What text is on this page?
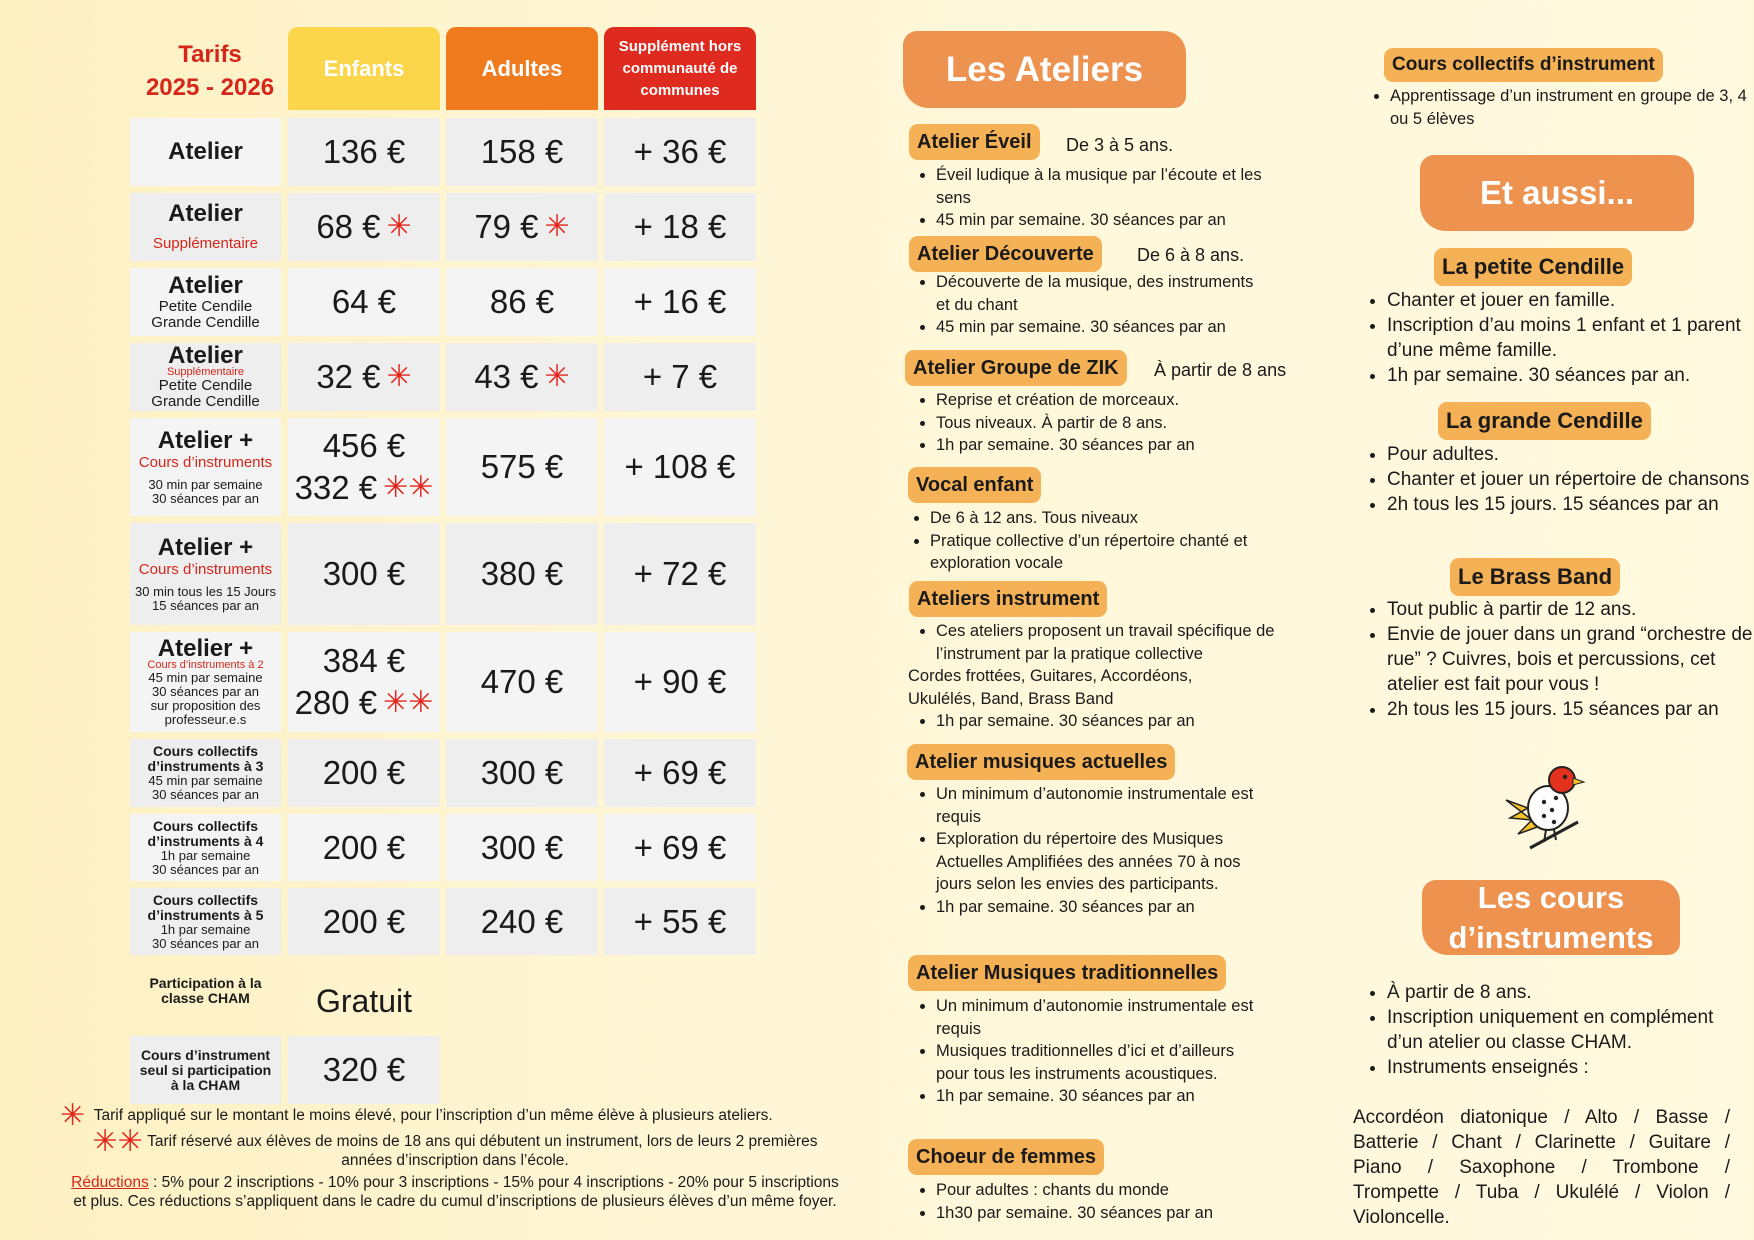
Tarifs
2025 - 2026
Enfants	Adultes
Supplément hors communauté de communes
Atelier 136 € 158 € + 36 €
Atelier
Supplémentaire 68 € ✳ 79 € ✳ + 18 €
Atelier
Petite Cendile
Grande Cendille
64 €	86 € + 16 €
Atelier
Supplémentaire
Petite Cendile
Grande Cendille
32 € ✳ 43 € ✳ + 7 €
Atelier +
Cours d’instruments
30 min par semaine
30 séances par an
456 €
332 € ✳✳
575 € + 108 €
Atelier +
Cours d’instruments
30 min tous les 15 Jours
15 séances par an
300 € 380 € + 72 €
Atelier +
Cours d’instruments à 2
45 min par semaine
30 séances par an
sur proposition des
professeur.e.s
384 €
280 € ✳✳
470 € + 90 €
Cours collectifs
d’instruments à 3
45 min par semaine
30 séances par an
200 € 300 € + 69 €
Cours collectifs
d’instruments à 4
1h par semaine
30 séances par an
200 € 300 € + 69 €
Cours collectifs
d’instruments à 5
1h par semaine
30 séances par an
200 € 240 € + 55 €
Participation à la
classe CHAM	Gratuit
Cours d’instrument
seul si participation
à la CHAM	320 €
✳ Tarif appliqué sur le montant le moins élevé, pour l’inscription d’un même élève à plusieurs ateliers.
✳✳ Tarif réservé aux élèves de moins de 18 ans qui débutent un instrument, lors de leurs 2 premières
années d’inscription dans l’école.
Réductions : 5% pour 2 inscriptions - 10% pour 3 inscriptions - 15% pour 4 inscriptions - 20% pour 5 inscriptions
et plus. Ces réductions s’appliquent dans le cadre du cumul d’inscriptions de plusieurs élèves d’un même foyer.
Les Ateliers
Atelier Éveil	De 3 à 5 ans.
• Éveil ludique à la musique par l’écoute et les sens
• 45 min par semaine. 30 séances par an
Atelier Découverte	De 6 à 8 ans.
• Découverte de la musique, des instruments et du chant
• 45 min par semaine. 30 séances par an
Atelier Groupe de ZIK	À partir de 8 ans
• Reprise et création de morceaux.
• Tous niveaux. À partir de 8 ans.
• 1h par semaine. 30 séances par an
Vocal enfant
• De 6 à 12 ans. Tous niveaux
• Pratique collective d’un répertoire chanté et exploration vocale
Ateliers instrument
• Ces ateliers proposent un travail spécifique de l’instrument par la pratique collective
Cordes frottées, Guitares, Accordéons, Ukulélés, Band, Brass Band
• 1h par semaine. 30 séances par an
Atelier musiques actuelles
• Un minimum d’autonomie instrumentale est requis
• Exploration du répertoire des Musiques Actuelles Amplifiées des années 70 à nos jours selon les envies des participants.
• 1h par semaine. 30 séances par an
Atelier Musiques traditionnelles
• Un minimum d’autonomie instrumentale est requis
• Musiques traditionnelles d’ici et d’ailleurs pour tous les instruments acoustiques.
• 1h par semaine. 30 séances par an
Choeur de femmes
• Pour adultes : chants du monde
• 1h30 par semaine. 30 séances par an
Cours collectifs d’instrument
• Apprentissage d’un instrument en groupe de 3, 4 ou 5 élèves
Et aussi...
La petite Cendille
• Chanter et jouer en famille.
• Inscription d’au moins 1 enfant et 1 parent d’une même famille.
• 1h par semaine. 30 séances par an.
La grande Cendille
• Pour adultes.
• Chanter et jouer un répertoire de chansons
• 2h tous les 15 jours. 15 séances par an
Le Brass Band
• Tout public à partir de 12 ans.
• Envie de jouer dans un grand “orchestre de rue” ? Cuivres, bois et percussions, cet atelier est fait pour vous !
• 2h tous les 15 jours. 15 séances par an
Les cours
d’instruments
• À partir de 8 ans.
• Inscription uniquement en complément d’un atelier ou classe CHAM.
• Instruments enseignés :
Accordéon diatonique / Alto / Basse /
Batterie / Chant / Clarinette / Guitare /
Piano / Saxophone / Trombone /
Trompette / Tuba / Ukulélé / Violon /
Violoncelle.
